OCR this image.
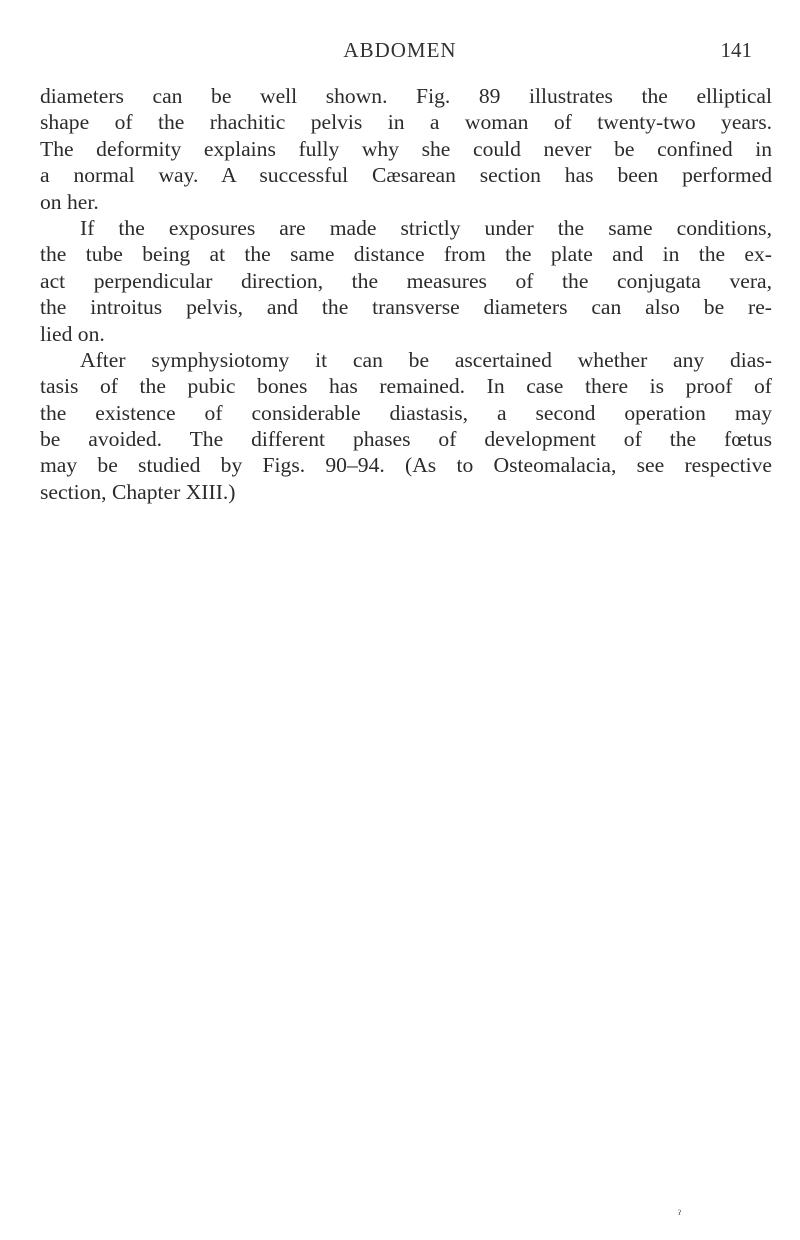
ABDOMEN	141
diameters can be well shown. Fig. 89 illustrates the elliptical
shape of the rhachitic pelvis in a woman of twenty-two years.
The deformity explains fully why she could never be confined in
a normal way. A successful Cæsarean section has been performed
on her.
If the exposures are made strictly under the same conditions,
the tube being at the same distance from the plate and in the ex-
act perpendicular direction, the measures of the conjugata vera,
the introitus pelvis, and the transverse diameters can also be re-
lied on.
After symphysiotomy it can be ascertained whether any dias-
tasis of the pubic bones has remained. In case there is proof of
the existence of considerable diastasis, a second operation may
be avoided. The different phases of development of the fœtus
may be studied by Figs. 90–94. (As to Osteomalacia, see respective
section, Chapter XIII.)
ˀ
